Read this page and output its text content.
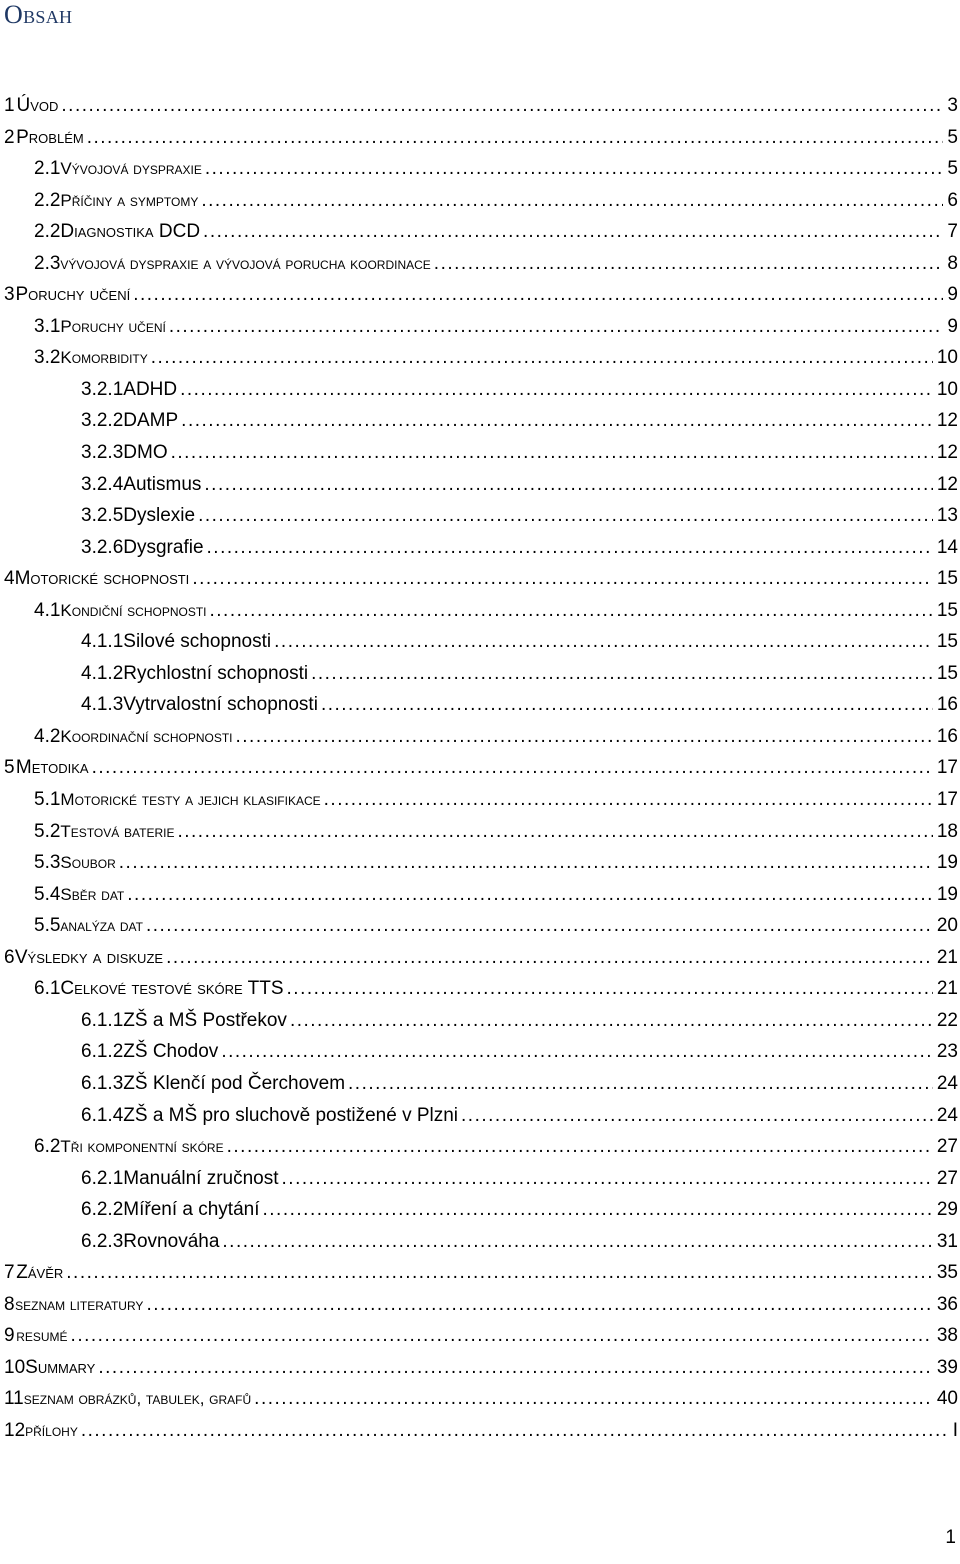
Obsah
1 Úvod .....	3
2 Problém .....	5
2.1 Vývojová dyspraxie .....	5
2.2 Příčiny a symptomy .....	6
2.2 Diagnostika DCD .....	7
2.3 vývojová dyspraxie a vývojová porucha koordinace .....	8
3 Poruchy učení .....	9
3.1 Poruchy učení .....	9
3.2 Komorbidity .....	10
3.2.1 ADHD .....	10
3.2.2 DAMP .....	12
3.2.3 DMO .....	12
3.2.4 Autismus .....	12
3.2.5 Dyslexie .....	13
3.2.6 Dysgrafie .....	14
4 Motorické schopnosti .....	15
4.1 Kondiční schopnosti .....	15
4.1.1 Silové schopnosti .....	15
4.1.2 Rychlostní schopnosti .....	15
4.1.3 Vytrvalostní schopnosti .....	16
4.2 Koordinační schopnosti .....	16
5 Metodika .....	17
5.1 Motorické testy a jejich klasifikace .....	17
5.2 Testová baterie .....	18
5.3 Soubor .....	19
5.4 Sběr dat .....	19
5.5 analýza dat .....	20
6 Výsledky a diskuze .....	21
6.1 Celkové testové skóre TTS .....	21
6.1.1 ZŠ a MŠ Postřekov .....	22
6.1.2 ZŠ Chodov .....	23
6.1.3 ZŠ Klenčí pod Čerchovem .....	24
6.1.4 ZŠ a MŠ pro sluchově postižené v Plzni .....	24
6.2 Tři komponentní skóre .....	27
6.2.1 Manuální zručnost .....	27
6.2.2 Míření a chytání .....	29
6.2.3 Rovnováha .....	31
7 Závěr .....	35
8 seznam literatury .....	36
9 resumé .....	38
10 Summary .....	39
11 seznam obrázků, tabulek, grafů .....	40
12 přílohy .....	I
1
